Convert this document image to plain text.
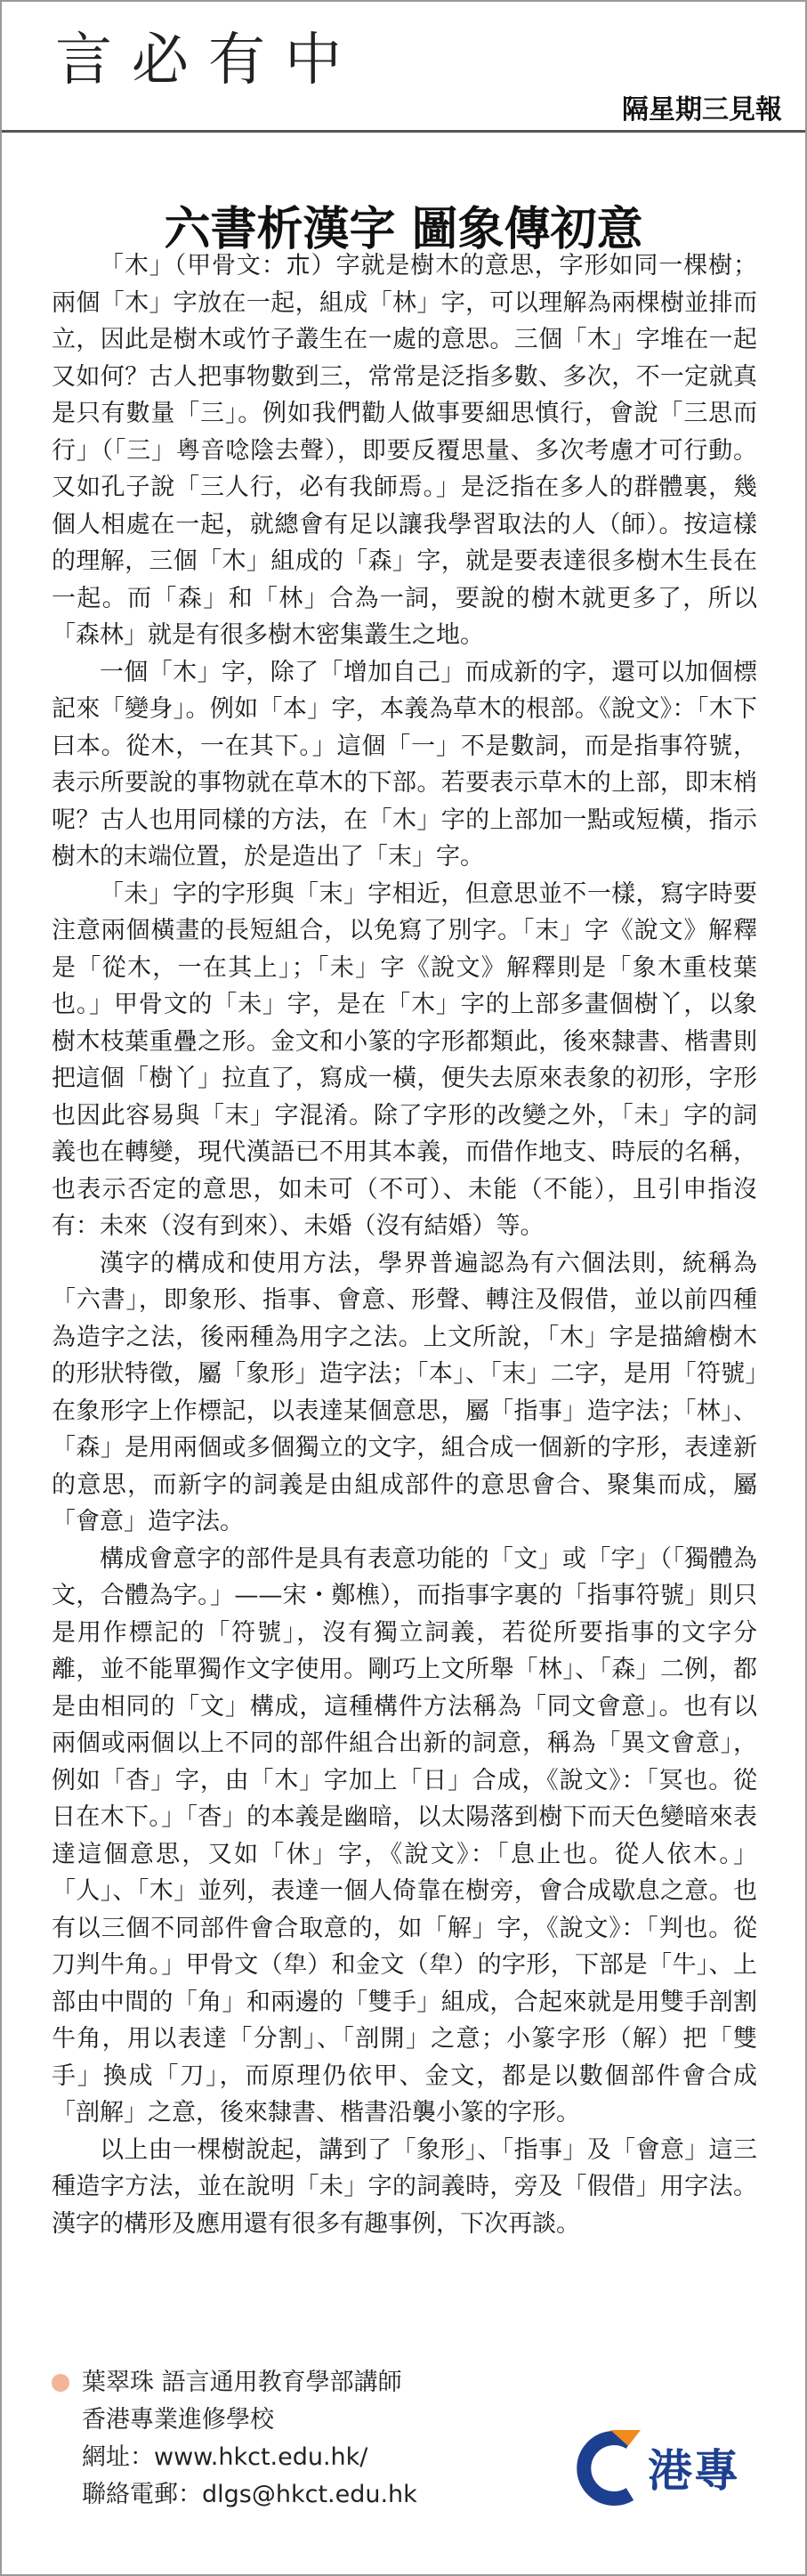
言必有中
隔星期三見報
六書析漢字 圖象傳初意

「木」（甲骨文：𣎳）字就是樹木的意思，字形如同一棵樹；兩個「木」字放在一起，組成「林」字，可以理解為兩棵樹並排而立，因此是樹木或竹子叢生在一處的意思。三個「木」字堆在一起又如何？古人把事物數到三，常常是泛指多數、多次，不一定就真是只有數量「三」。例如我們勸人做事要細思慎行，會說「三思而行」（「三」粵音唸陰去聲），即要反覆思量、多次考慮才可行動。又如孔子說「三人行，必有我師焉。」是泛指在多人的群體裏，幾個人相處在一起，就總會有足以讓我學習取法的人（師）。按這樣的理解，三個「木」組成的「森」字，就是要表達很多樹木生長在一起。而「森」和「林」合為一詞，要說的樹木就更多了，所以「森林」就是有很多樹木密集叢生之地。

一個「木」字，除了「增加自己」而成新的字，還可以加個標記來「變身」。例如「本」字，本義為草木的根部。《說文》：「木下曰本。從木，一在其下。」這個「一」不是數詞，而是指事符號，表示所要說的事物就在草木的下部。若要表示草木的上部，即末梢呢？古人也用同樣的方法，在「木」字的上部加一點或短橫，指示樹木的末端位置，於是造出了「末」字。

「未」字的字形與「末」字相近，但意思並不一樣，寫字時要注意兩個橫畫的長短組合，以免寫了別字。「末」字《說文》解釋是「從木，一在其上」；「未」字《說文》解釋則是「象木重枝葉也。」甲骨文的「未」字，是在「木」字的上部多畫個樹丫，以象樹木枝葉重疊之形。金文和小篆的字形都類此，後來隸書、楷書則把這個「樹丫」拉直了，寫成一橫，便失去原來表象的初形，字形也因此容易與「末」字混淆。除了字形的改變之外，「未」字的詞義也在轉變，現代漢語已不用其本義，而借作地支、時辰的名稱，也表示否定的意思，如未可（不可）、未能（不能），且引申指沒有：未來（沒有到來）、未婚（沒有結婚）等。

漢字的構成和使用方法，學界普遍認為有六個法則，統稱為「六書」，即象形、指事、會意、形聲、轉注及假借，並以前四種為造字之法，後兩種為用字之法。上文所說，「木」字是描繪樹木的形狀特徵，屬「象形」造字法；「本」、「末」二字，是用「符號」在象形字上作標記，以表達某個意思，屬「指事」造字法；「林」、「森」是用兩個或多個獨立的文字，組合成一個新的字形，表達新的意思，而新字的詞義是由組成部件的意思會合、聚集而成，屬「會意」造字法。

構成會意字的部件是具有表意功能的「文」或「字」（「獨體為文，合體為字。」——宋・鄭樵），而指事字裏的「指事符號」則只是用作標記的「符號」，沒有獨立詞義，若從所要指事的文字分離，並不能單獨作文字使用。剛巧上文所舉「林」、「森」二例，都是由相同的「文」構成，這種構件方法稱為「同文會意」。也有以兩個或兩個以上不同的部件組合出新的詞意，稱為「異文會意」，例如「杳」字，由「木」字加上「日」合成，《說文》：「冥也。從日在木下。」「杳」的本義是幽暗，以太陽落到樹下而天色變暗來表達這個意思，又如「休」字，《說文》：「息止也。從人依木。」「人」、「木」並列，表達一個人倚靠在樹旁，會合成歇息之意。也有以三個不同部件會合取意的，如「解」字，《說文》：「判也。從刀判牛角。」甲骨文（𧢻）和金文（𧢻）的字形，下部是「牛」、上部由中間的「角」和兩邊的「雙手」組成，合起來就是用雙手剖割牛角，用以表達「分割」、「剖開」之意；小篆字形（解）把「雙手」換成「刀」，而原理仍依甲、金文，都是以數個部件會合成「剖解」之意，後來隸書、楷書沿襲小篆的字形。

以上由一棵樹說起，講到了「象形」、「指事」及「會意」這三種造字方法，並在說明「未」字的詞義時，旁及「假借」用字法。漢字的構形及應用還有很多有趣事例，下次再談。

葉翠珠 語言通用教育學部講師
香港專業進修學校
網址：www.hkct.edu.hk/
聯絡電郵：dlgs@hkct.edu.hk	港專
